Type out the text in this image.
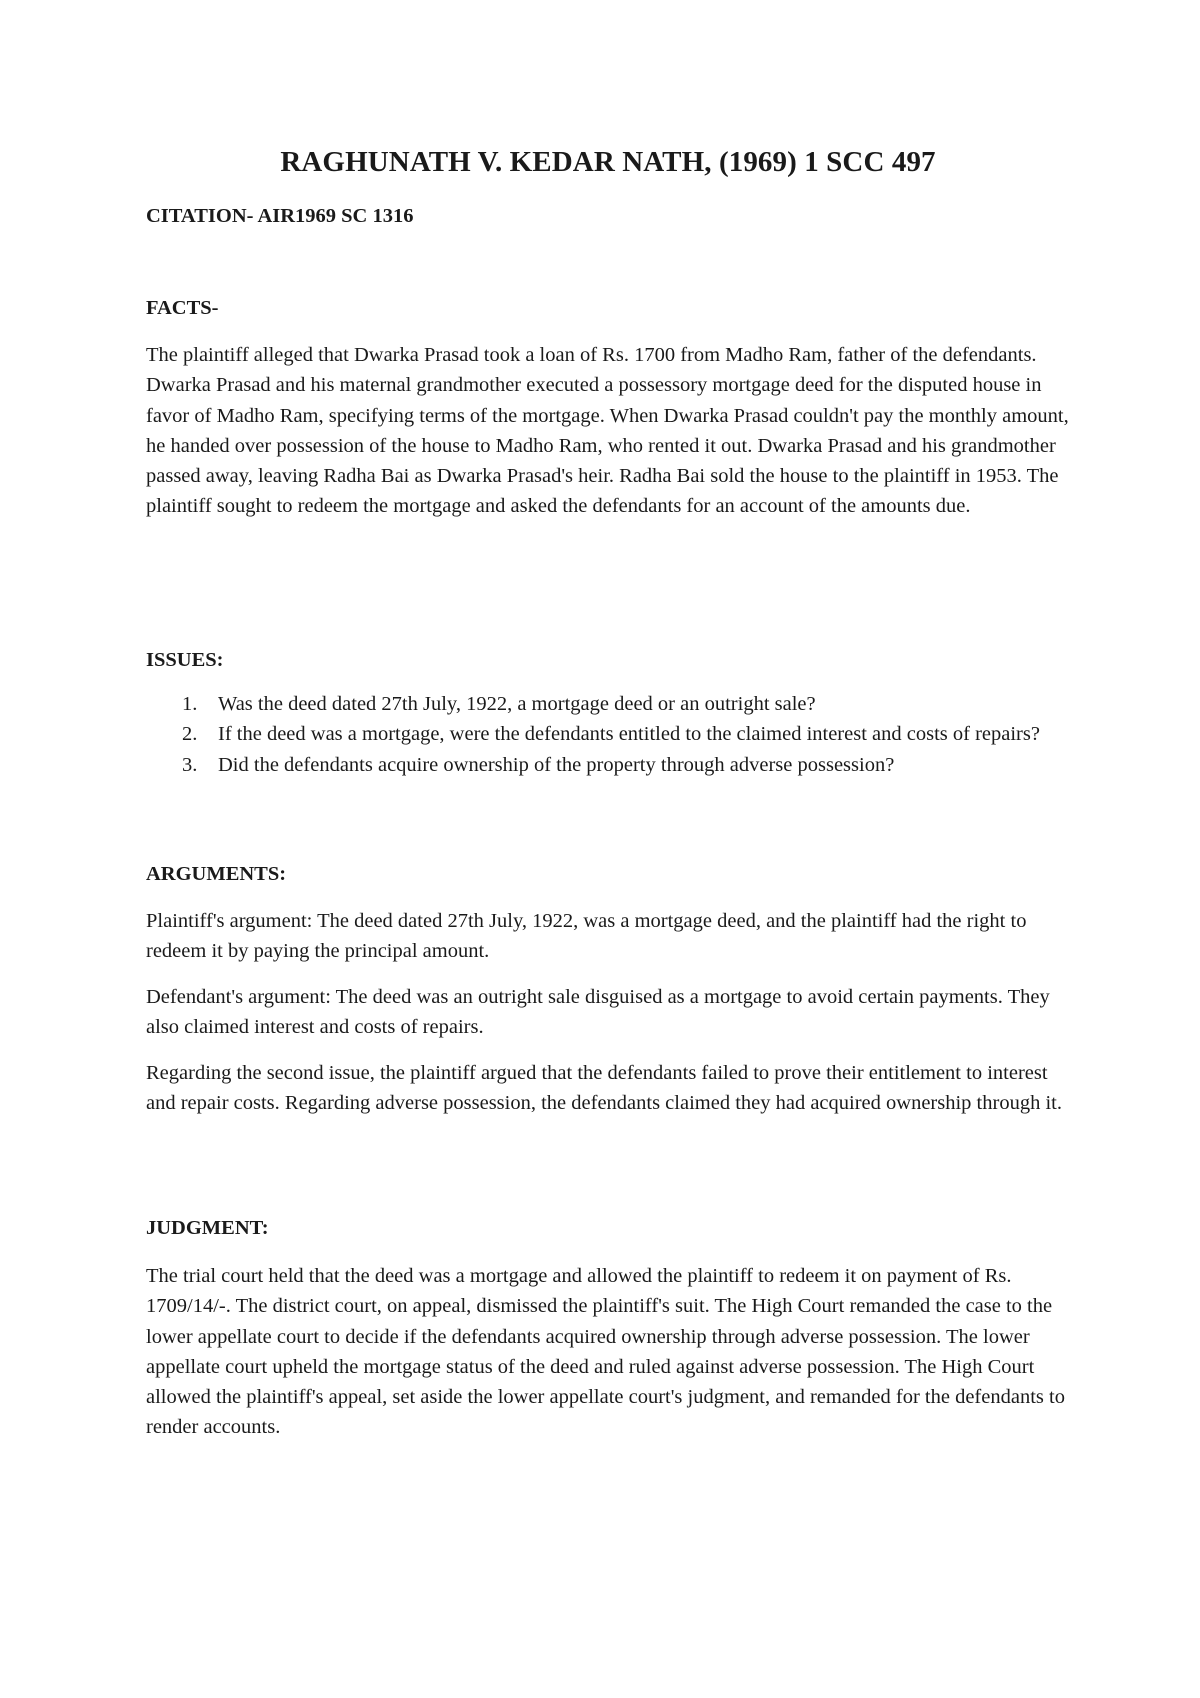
RAGHUNATH V. KEDAR NATH, (1969) 1 SCC 497

CITATION- AIR1969 SC 1316

FACTS-

The plaintiff alleged that Dwarka Prasad took a loan of Rs. 1700 from Madho Ram, father of the defendants. Dwarka Prasad and his maternal grandmother executed a possessory mortgage deed for the disputed house in favor of Madho Ram, specifying terms of the mortgage. When Dwarka Prasad couldn't pay the monthly amount, he handed over possession of the house to Madho Ram, who rented it out. Dwarka Prasad and his grandmother passed away, leaving Radha Bai as Dwarka Prasad's heir. Radha Bai sold the house to the plaintiff in 1953. The plaintiff sought to redeem the mortgage and asked the defendants for an account of the amounts due.

ISSUES:

1. Was the deed dated 27th July, 1922, a mortgage deed or an outright sale?
2. If the deed was a mortgage, were the defendants entitled to the claimed interest and costs of repairs?
3. Did the defendants acquire ownership of the property through adverse possession?

ARGUMENTS:

Plaintiff's argument: The deed dated 27th July, 1922, was a mortgage deed, and the plaintiff had the right to redeem it by paying the principal amount.

Defendant's argument: The deed was an outright sale disguised as a mortgage to avoid certain payments. They also claimed interest and costs of repairs.

Regarding the second issue, the plaintiff argued that the defendants failed to prove their entitlement to interest and repair costs. Regarding adverse possession, the defendants claimed they had acquired ownership through it.

JUDGMENT:

The trial court held that the deed was a mortgage and allowed the plaintiff to redeem it on payment of Rs. 1709/14/-. The district court, on appeal, dismissed the plaintiff's suit. The High Court remanded the case to the lower appellate court to decide if the defendants acquired ownership through adverse possession. The lower appellate court upheld the mortgage status of the deed and ruled against adverse possession. The High Court allowed the plaintiff's appeal, set aside the lower appellate court's judgment, and remanded for the defendants to render accounts.
